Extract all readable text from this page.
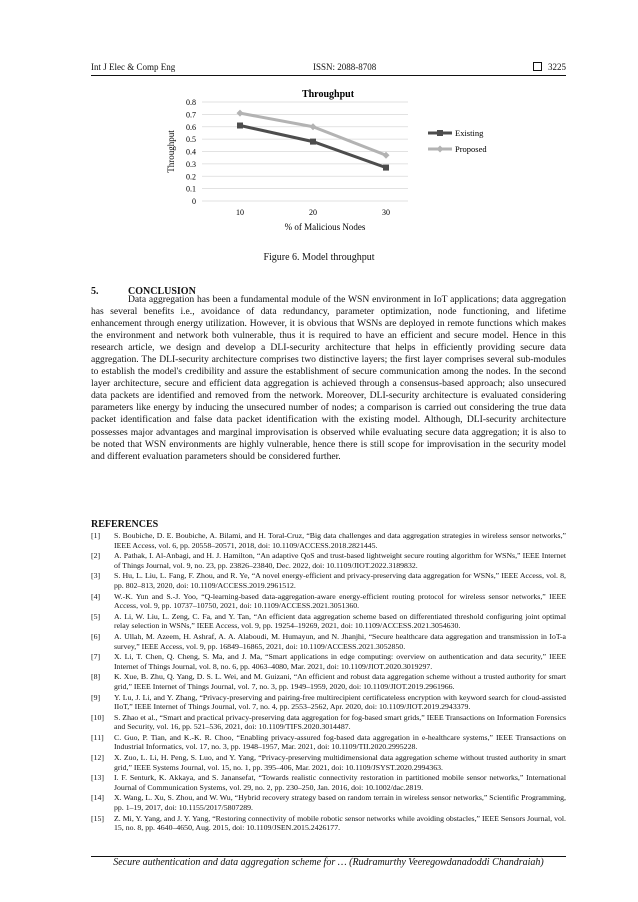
Int J Elec & Comp Eng	ISSN: 2088-8708	3225
Throughput
0
0.1
0.2
0.3
0.4
0.5
0.6
0.7
0.8
10	20	30
% of Malicious Nodes
Throughput	Existing
Proposed
Figure 6. Model throughput
5.	CONCLUSION

Data aggregation has been a fundamental module of the WSN environment in IoT applications; data aggregation has several benefits i.e., avoidance of data redundancy, parameter optimization, node functioning, and lifetime enhancement through energy utilization. However, it is obvious that WSNs are deployed in remote functions which makes the environment and network both vulnerable, thus it is required to have an efficient and secure model. Hence in this research article, we design and develop a DLI-security architecture that helps in efficiently providing secure data aggregation. The DLI-security architecture comprises two distinctive layers; the first layer comprises several sub-modules to establish the model's credibility and assure the establishment of secure communication among the nodes. In the second layer architecture, secure and efficient data aggregation is achieved through a consensus-based approach; also unsecured data packets are identified and removed from the network. Moreover, DLI-security architecture is evaluated considering parameters like energy by inducing the unsecured number of nodes; a comparison is carried out considering the true data packet identification and false data packet identification with the existing model. Although, DLI-security architecture possesses major advantages and marginal improvisation is observed while evaluating secure data aggregation; it is also to be noted that WSN environments are highly vulnerable, hence there is still scope for improvisation in the security model and different evaluation parameters should be considered further.

REFERENCES
[1]	S. Boubiche, D. E. Boubiche, A. Bilami, and H. Toral-Cruz, “Big data challenges and data aggregation strategies in wireless sensor networks,” IEEE Access, vol. 6, pp. 20558–20571, 2018, doi: 10.1109/ACCESS.2018.2821445.
[2]	A. Pathak, I. Al-Anbagi, and H. J. Hamilton, “An adaptive QoS and trust-based lightweight secure routing algorithm for WSNs,” IEEE Internet of Things Journal, vol. 9, no. 23, pp. 23826–23840, Dec. 2022, doi: 10.1109/JIOT.2022.3189832.
[3]	S. Hu, L. Liu, L. Fang, F. Zhou, and R. Ye, “A novel energy-efficient and privacy-preserving data aggregation for WSNs,” IEEE Access, vol. 8, pp. 802–813, 2020, doi: 10.1109/ACCESS.2019.2961512.
[4]	W.-K. Yun and S.-J. Yoo, “Q-learning-based data-aggregation-aware energy-efficient routing protocol for wireless sensor networks,” IEEE Access, vol. 9, pp. 10737–10750, 2021, doi: 10.1109/ACCESS.2021.3051360.
[5]	A. Li, W. Liu, L. Zeng, C. Fa, and Y. Tan, “An efficient data aggregation scheme based on differentiated threshold configuring joint optimal relay selection in WSNs,” IEEE Access, vol. 9, pp. 19254–19269, 2021, doi: 10.1109/ACCESS.2021.3054630.
[6]	A. Ullah, M. Azeem, H. Ashraf, A. A. Alaboudi, M. Humayun, and N. Jhanjhi, “Secure healthcare data aggregation and transmission in IoT-a survey,” IEEE Access, vol. 9, pp. 16849–16865, 2021, doi: 10.1109/ACCESS.2021.3052850.
[7]	X. Li, T. Chen, Q. Cheng, S. Ma, and J. Ma, “Smart applications in edge computing: overview on authentication and data security,” IEEE Internet of Things Journal, vol. 8, no. 6, pp. 4063–4080, Mar. 2021, doi: 10.1109/JIOT.2020.3019297.
[8]	K. Xue, B. Zhu, Q. Yang, D. S. L. Wei, and M. Guizani, “An efficient and robust data aggregation scheme without a trusted authority for smart grid,” IEEE Internet of Things Journal, vol. 7, no. 3, pp. 1949–1959, 2020, doi: 10.1109/JIOT.2019.2961966.
[9]	Y. Lu, J. Li, and Y. Zhang, “Privacy-preserving and pairing-free multirecipient certificateless encryption with keyword search for cloud-assisted IIoT,” IEEE Internet of Things Journal, vol. 7, no. 4, pp. 2553–2562, Apr. 2020, doi: 10.1109/JIOT.2019.2943379.
[10]	S. Zhao et al., “Smart and practical privacy-preserving data aggregation for fog-based smart grids,” IEEE Transactions on Information Forensics and Security, vol. 16, pp. 521–536, 2021, doi: 10.1109/TIFS.2020.3014487.
[11]	C. Guo, P. Tian, and K.-K. R. Choo, “Enabling privacy-assured fog-based data aggregation in e-healthcare systems,” IEEE Transactions on Industrial Informatics, vol. 17, no. 3, pp. 1948–1957, Mar. 2021, doi: 10.1109/TII.2020.2995228.
[12]	X. Zuo, L. Li, H. Peng, S. Luo, and Y. Yang, “Privacy-preserving multidimensional data aggregation scheme without trusted authority in smart grid,” IEEE Systems Journal, vol. 15, no. 1, pp. 395–406, Mar. 2021, doi: 10.1109/JSYST.2020.2994363.
[13]	I. F. Senturk, K. Akkaya, and S. Janansefat, “Towards realistic connectivity restoration in partitioned mobile sensor networks,” International Journal of Communication Systems, vol. 29, no. 2, pp. 230–250, Jan. 2016, doi: 10.1002/dac.2819.
[14]	X. Wang, L. Xu, S. Zhou, and W. Wu, “Hybrid recovery strategy based on random terrain in wireless sensor networks,” Scientific Programming, pp. 1–19, 2017, doi: 10.1155/2017/5807289.
[15]	Z. Mi, Y. Yang, and J. Y. Yang, “Restoring connectivity of mobile robotic sensor networks while avoiding obstacles,” IEEE Sensors Journal, vol. 15, no. 8, pp. 4640–4650, Aug. 2015, doi: 10.1109/JSEN.2015.2426177.
Secure authentication and data aggregation scheme for … (Rudramurthy Veeregowdanadoddi Chandraiah)
